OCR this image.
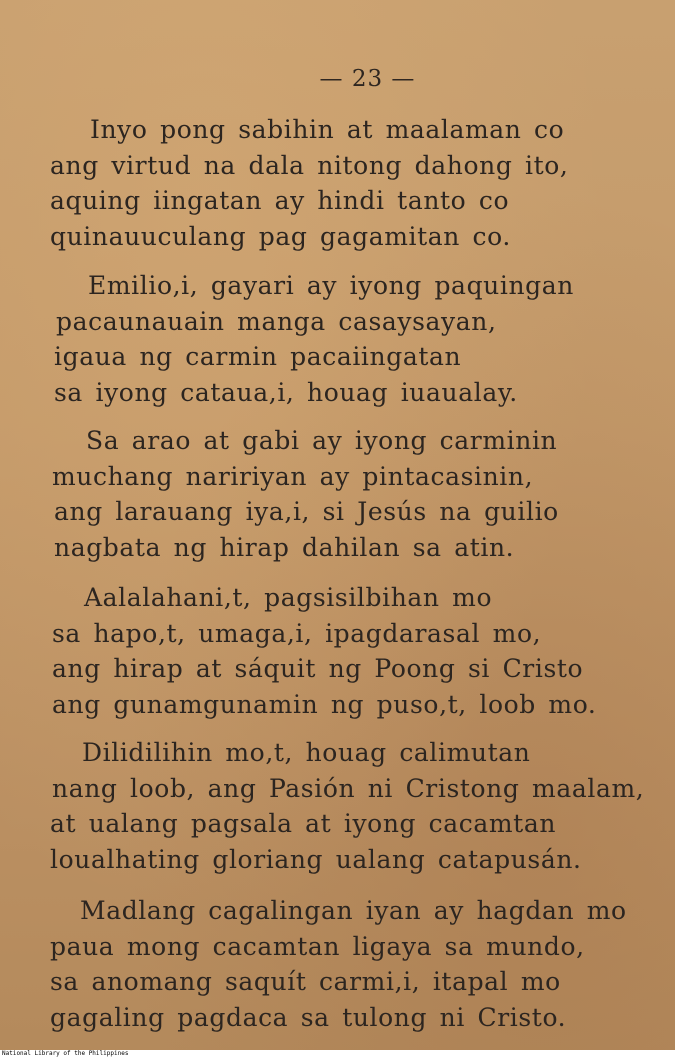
— 23 —
Inyo pong sabihin at maalaman co
ang virtud na dala nitong dahong ito,
aquing iingatan ay hindi tanto co
quinauuculang pag gagamitan co.
Emilio,i, gayari ay iyong paquingan
pacaunauain manga casaysayan,
igaua ng carmin pacaiingatan
sa iyong cataua,i, houag iuaualay.
Sa arao at gabi ay iyong carminin
muchang naririyan ay pintacasinin,
ang larauang iya,i, si Jesús na guilio
nagbata ng hirap dahilan sa atin.
Aalalahani,t, pagsisilbihan mo
sa hapo,t, umaga,i, ipagdarasal mo,
ang hirap at sáquit ng Poong si Cristo
ang gunamgunamin ng puso,t, loob mo.
Dilidilihin mo,t, houag calimutan
nang loob, ang Pasión ni Cristong maalam,
at ualang pagsala at iyong cacamtan
loualhating gloriang ualang catapusán.
Madlang cagalingan iyan ay hagdan mo
paua mong cacamtan ligaya sa mundo,
sa anomang saquít carmi,i, itapal mo
gagaling pagdaca sa tulong ni Cristo.
National Library of the Philippines
